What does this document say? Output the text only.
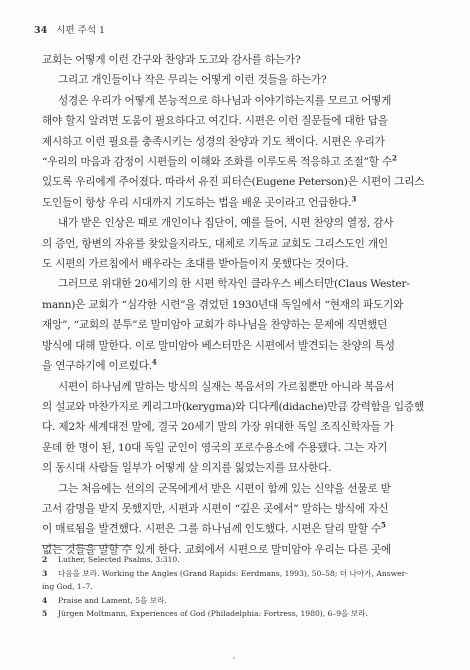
34 시편 주석 1

교회는 어떻게 이런 간구와 찬양과 도고와 감사를 하는가?

그리고 개인들이나 작은 무리는 어떻게 이런 것들을 하는가?

성경은 우리가 어떻게 본능적으로 하나님과 이야기하는지를 모르고 어떻게
해야 할지 알려면 도움이 필요하다고 여긴다. 시편은 이런 질문들에 대한 답을
제시하고 이런 필요를 충족시키는 성경의 찬양과 기도 책이다. 시편은 우리가
“우리의 마음과 감정이 시편들의 이해와 조화를 이루도록 적응하고 조절”할 수$^2$
있도록 우리에게 주어졌다. 따라서 유진 피터슨(Eugene Peterson)은 시편이 그리스
도인들이 항상 우리 시대까지 기도하는 법을 배운 곳이라고 언급한다.$^3$

내가 받은 인상은 때로 개인이나 집단이, 예를 들어, 시편 찬양의 열정, 감사
의 증언, 항변의 자유를 찾았을지라도, 대체로 기독교 교회도 그리스도인 개인
도 시편의 가르침에서 배우라는 초대를 받아들이지 못했다는 것이다.

그러므로 위대한 20세기의 한 시편 학자인 클라우스 베스터만(Claus Wester-
mann)은 교회가 “심각한 시련”을 겪었던 1930년대 독일에서 “현재의 파도기와
재앙”, “교회의 분투”로 말미암아 교회가 하나님을 찬양하는 문제에 직면했던
방식에 대해 말한다. 이로 말미암아 베스터만은 시편에서 발견되는 찬양의 특성
을 연구하기에 이르렀다.$^4$

시편이 하나님께 말하는 방식의 실재는 복음서의 가르침뿐만 아니라 복음서
의 설교와 마찬가지로 케리그마(kerygma)와 디다케(didache)만큼 강력함을 입증했
다. 제2차 세계대전 말에, 결국 20세기 말의 가장 위대한 독일 조직신학자들 가
운데 한 명이 된, 10대 독일 군인이 영국의 포로수용소에 수용됐다. 그는 자기
의 동시대 사람들 일부가 어떻게 살 의지를 잃었는지를 묘사한다.

그는 처음에는 선의의 군목에게서 받은 시편이 함께 있는 신약을 선물로 받
고서 감명을 받지 못했지만, 시편과 시편이 “깊은 곳에서” 말하는 방식에 자신
이 매료됨을 발견했다. 시편은 그를 하나님께 인도했다. 시편은 달리 말할 수$^5$
없는 것들을 말할 수 있게 한다. 교회에서 시편으로 말미암아 우리는 다른 곳에

2	Luther, Selected Psalms, 3:310.
3	다음을 보라. Working the Angles (Grand Rapids: Eerdmans, 1993), 50–58; 더 나아가, Answer-
ing God, 1–7.
4	Praise and Lament, 5을 보라.
5	Jürgen Moltmann, Experiences of God (Philadelphia: Fortress, 1980), 6–9을 보라.
